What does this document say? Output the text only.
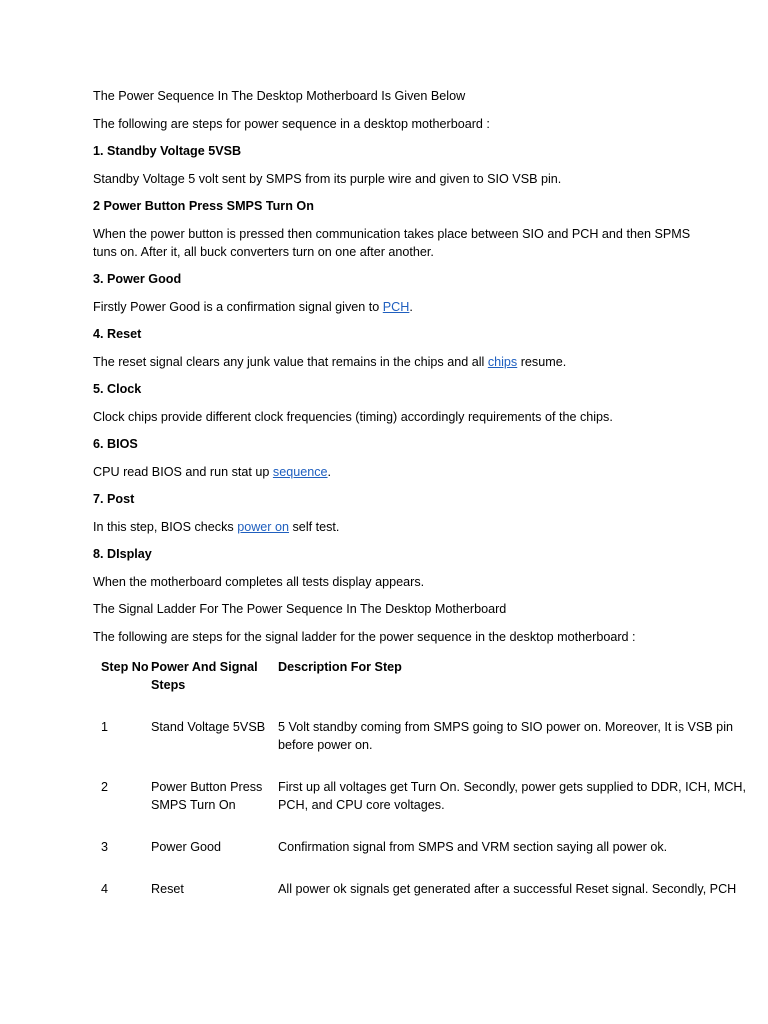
The Power Sequence In The Desktop Motherboard Is Given Below

The following are steps for power sequence in a desktop motherboard :

1. Standby Voltage 5VSB

Standby Voltage 5 volt sent by SMPS from its purple wire and given to SIO VSB pin.

2 Power Button Press SMPS Turn On

When the power button is pressed then communication takes place between SIO and PCH and then SPMS tuns on. After it, all buck converters turn on one after another.

3. Power Good

Firstly Power Good is a confirmation signal given to PCH.

4. Reset

The reset signal clears any junk value that remains in the chips and all chips resume.

5. Clock

Clock chips provide different clock frequencies (timing) accordingly requirements of the chips.

6. BIOS

CPU read BIOS and run stat up sequence.

7. Post

In this step, BIOS checks power on self test.

8. DIsplay

When the motherboard completes all tests display appears.

The Signal Ladder For The Power Sequence In The Desktop Motherboard

The following are steps for the signal ladder for the power sequence in the desktop motherboard :

Step No	Power And Signal Steps	Description For Step
1	Stand Voltage 5VSB	5 Volt standby coming from SMPS going to SIO power on. Moreover, It is VSB pin before power on.
2	Power Button Press SMPS Turn On	First up all voltages get Turn On. Secondly, power gets supplied to DDR, ICH, MCH, PCH, and CPU core voltages.
3	Power Good	Confirmation signal from SMPS and VRM section saying all power ok.
4	Reset	All power ok signals get generated after a successful Reset signal. Secondly, PCH
